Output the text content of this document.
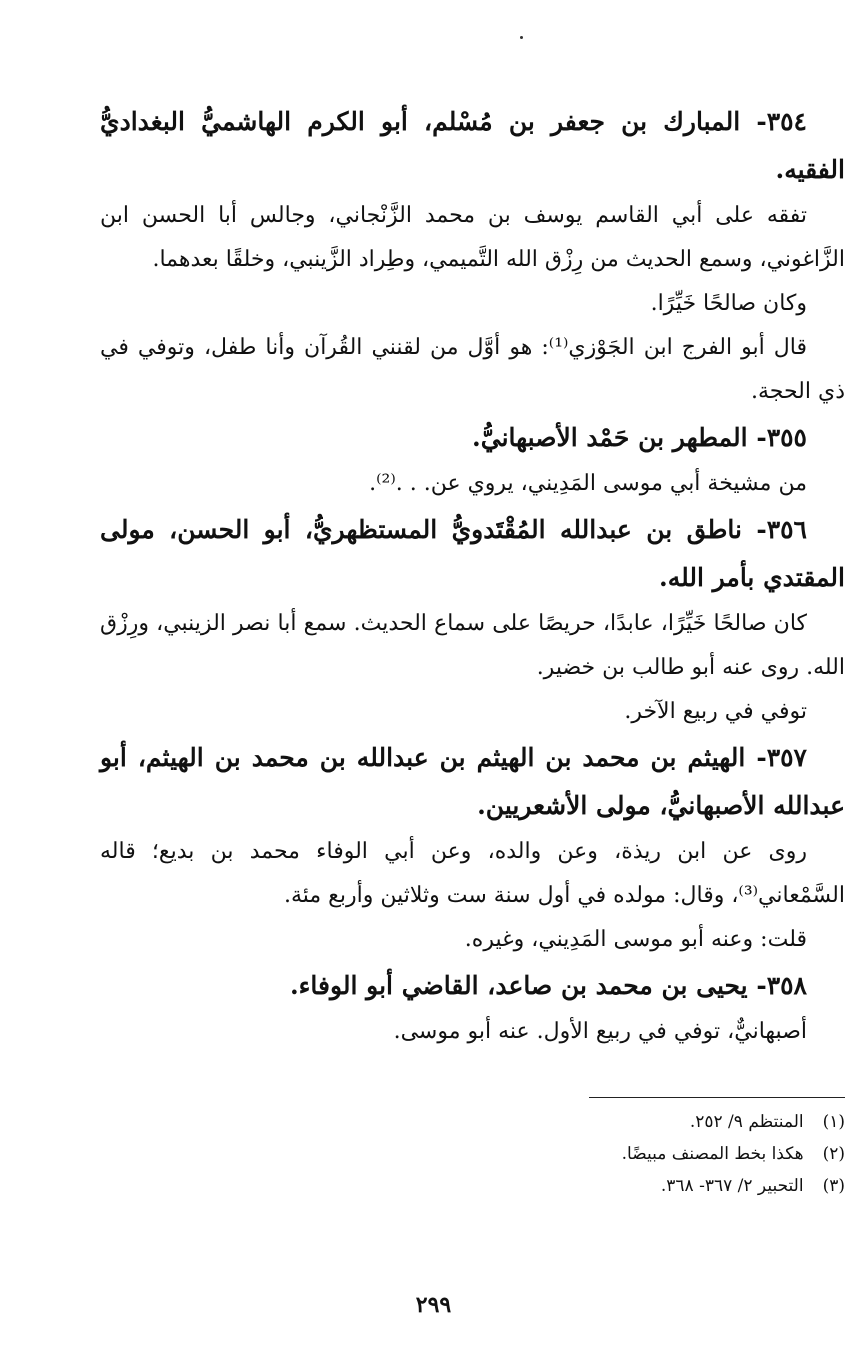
٣٥٤- المبارك بن جعفر بن مُسْلم، أبو الكرم الهاشميُّ البغداديُّ الفقيه.

تفقه على أبي القاسم يوسف بن محمد الزَّنْجاني، وجالس أبا الحسن ابن الزَّاغوني، وسمع الحديث من رِزْق الله التَّميمي، وطِراد الزَّينبي، وخلقًا بعدهما.

وكان صالحًا خَيِّرًا.

قال أبو الفرج ابن الجَوْزي⁽¹⁾: هو أوَّل من لقنني القُرآن وأنا طفل، وتوفي في ذي الحجة.

٣٥٥- المطهر بن حَمْد الأصبهانيُّ.

من مشيخة أبي موسى المَدِيني، يروي عن. . .⁽²⁾.

٣٥٦- ناطق بن عبدالله المُقْتَدويُّ المستظهريُّ، أبو الحسن، مولى المقتدي بأمر الله.

كان صالحًا خَيِّرًا، عابدًا، حريصًا على سماع الحديث. سمع أبا نصر الزينبي، ورِزْق الله. روى عنه أبو طالب بن خضير.

توفي في ربيع الآخر.

٣٥٧- الهيثم بن محمد بن الهيثم بن عبدالله بن محمد بن الهيثم، أبو عبدالله الأصبهانيُّ، مولى الأشعريين.

روى عن ابن ريذة، وعن والده، وعن أبي الوفاء محمد بن بديع؛ قاله السَّمْعاني⁽³⁾، وقال: مولده في أول سنة ست وثلاثين وأربع مئة.

قلت: وعنه أبو موسى المَدِيني، وغيره.

٣٥٨- يحيى بن محمد بن صاعد، القاضي أبو الوفاء.

أصبهانيٌّ، توفي في ربيع الأول. عنه أبو موسى.

(١) المنتظم ٩/ ٢٥٢.

(٢) هكذا بخط المصنف مبيضًا.

(٣) التحبير ٢/ ٣٦٧- ٣٦٨.

٢٩٩
